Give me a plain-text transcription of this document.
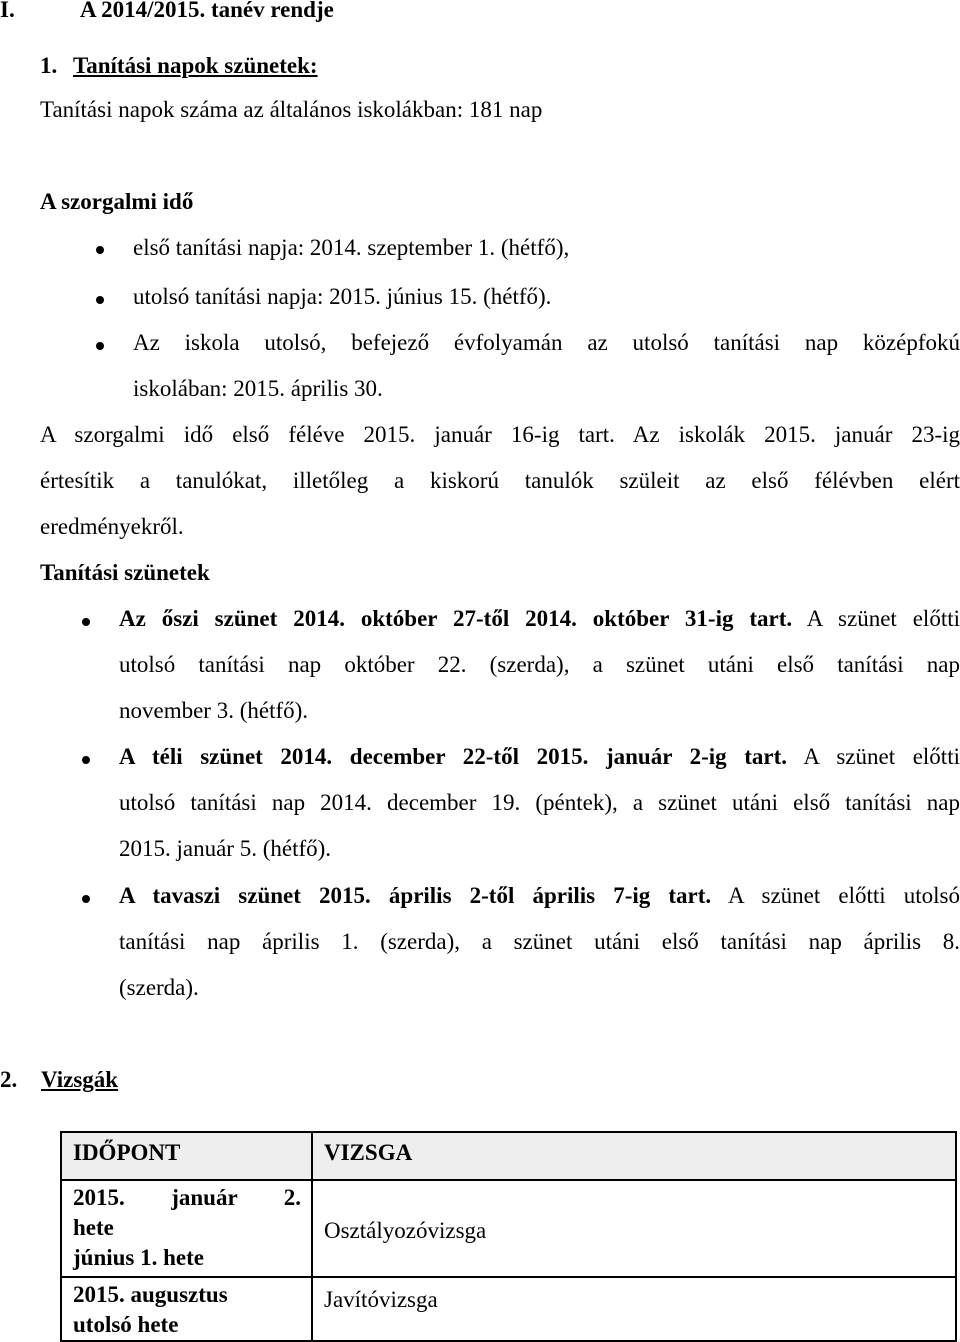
I.	A 2014/2015. tanév rendje
1. Tanítási napok szünetek:
Tanítási napok száma az általános iskolákban: 181 nap
A szorgalmi idő
első tanítási napja: 2014. szeptember 1. (hétfő),
utolsó tanítási napja: 2015. június 15. (hétfő).
Az iskola utolsó, befejező évfolyamán az utolsó tanítási nap középfokú
iskolában: 2015. április 30.
A szorgalmi idő első féléve 2015. január 16-ig tart. Az iskolák 2015. január 23-ig
értesítik a tanulókat, illetőleg a kiskorú tanulók szüleit az első félévben elért
eredményekről.
Tanítási szünetek
Az őszi szünet 2014. október 27-től 2014. október 31-ig tart. A szünet előtti
utolsó tanítási nap október 22. (szerda), a szünet utáni első tanítási nap
november 3. (hétfő).
A téli szünet 2014. december 22-től 2015. január 2-ig tart. A szünet előtti
utolsó tanítási nap 2014. december 19. (péntek), a szünet utáni első tanítási nap
2015. január 5. (hétfő).
A tavaszi szünet 2015. április 2-től április 7-ig tart. A szünet előtti utolsó
tanítási nap április 1. (szerda), a szünet utáni első tanítási nap április 8.
(szerda).
2. Vizsgák
IDŐPONT	VIZSGA

2015. január 2.
hete
június 1. hete	Osztályozóvizsga

2015. augusztus
utolsó hete	Javítóvizsga
